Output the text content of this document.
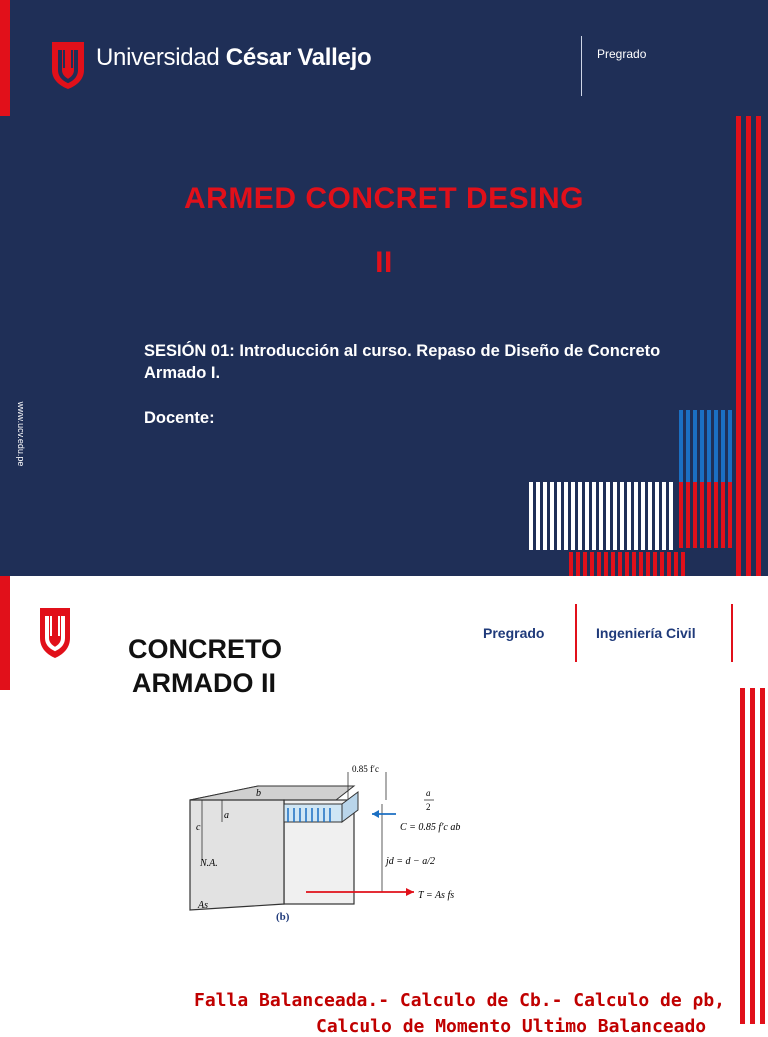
Universidad César Vallejo	Pregrado
ARMED CONCRET DESING
II
SESIÓN 01: Introducción al curso. Repaso de Diseño de Concreto Armado I.
Docente:
www.ucv.edu.pe
CONCRETO
ARMADO II
Pregrado	Ingeniería Civil
0.85 f′c
b
c
a
a
2
C = 0.85 f′c ab
N.A.	jd = d − a/2
As
T = As fs
(b)
Falla Balanceada.- Calculo de Cb.- Calculo de ρb,
Calculo de Momento Ultimo Balanceado
